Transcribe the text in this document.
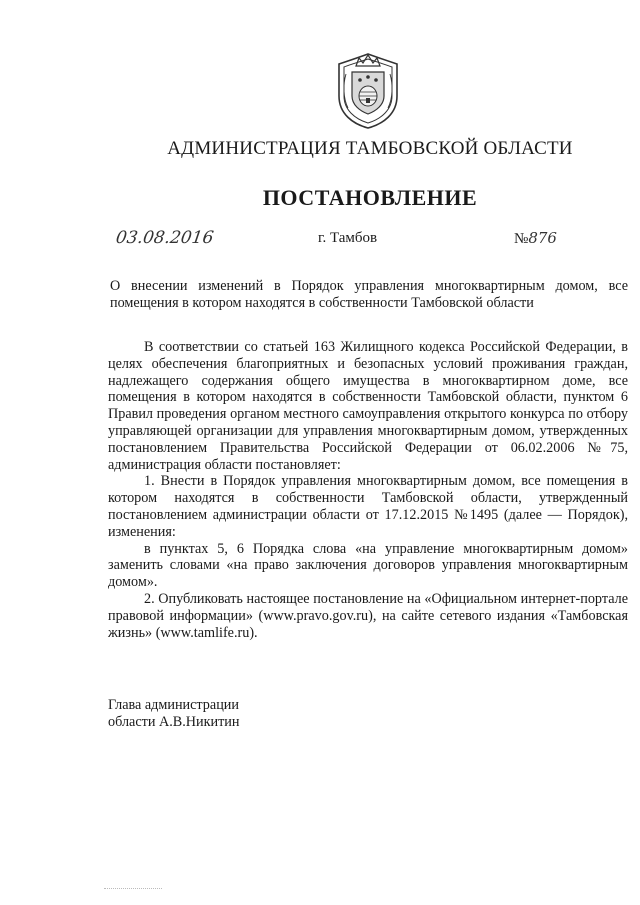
АДМИНИСТРАЦИЯ ТАМБОВСКОЙ ОБЛАСТИ
ПОСТАНОВЛЕНИЕ
03.08.2016	г. Тамбов	№876
О внесении изменений в Порядок управления многоквартирным домом, все помещения в котором находятся в собственности Тамбовской области

В соответствии со статьей 163 Жилищного кодекса Российской Федерации, в целях обеспечения благоприятных и безопасных условий проживания граждан, надлежащего содержания общего имущества в многоквартирном доме, все помещения в котором находятся в собственности Тамбовской области, пунктом 6 Правил проведения органом местного самоуправления открытого конкурса по отбору управляющей организации для управления многоквартирным домом, утвержденных постановлением Правительства Российской Федерации от 06.02.2006 №75, администрация области постановляет:

1. Внести в Порядок управления многоквартирным домом, все помещения в котором находятся в собственности Тамбовской области, утвержденный постановлением администрации области от 17.12.2015 №1495 (далее — Порядок), изменения:

в пунктах 5, 6 Порядка слова «на управление многоквартирным домом» заменить словами «на право заключения договоров управления многоквартирным домом».

2. Опубликовать настоящее постановление на «Официальном интернет-портале правовой информации» (www.pravo.gov.ru), на сайте сетевого издания «Тамбовская жизнь» (www.tamlife.ru).

Глава администрации
области А.В.Никитин
